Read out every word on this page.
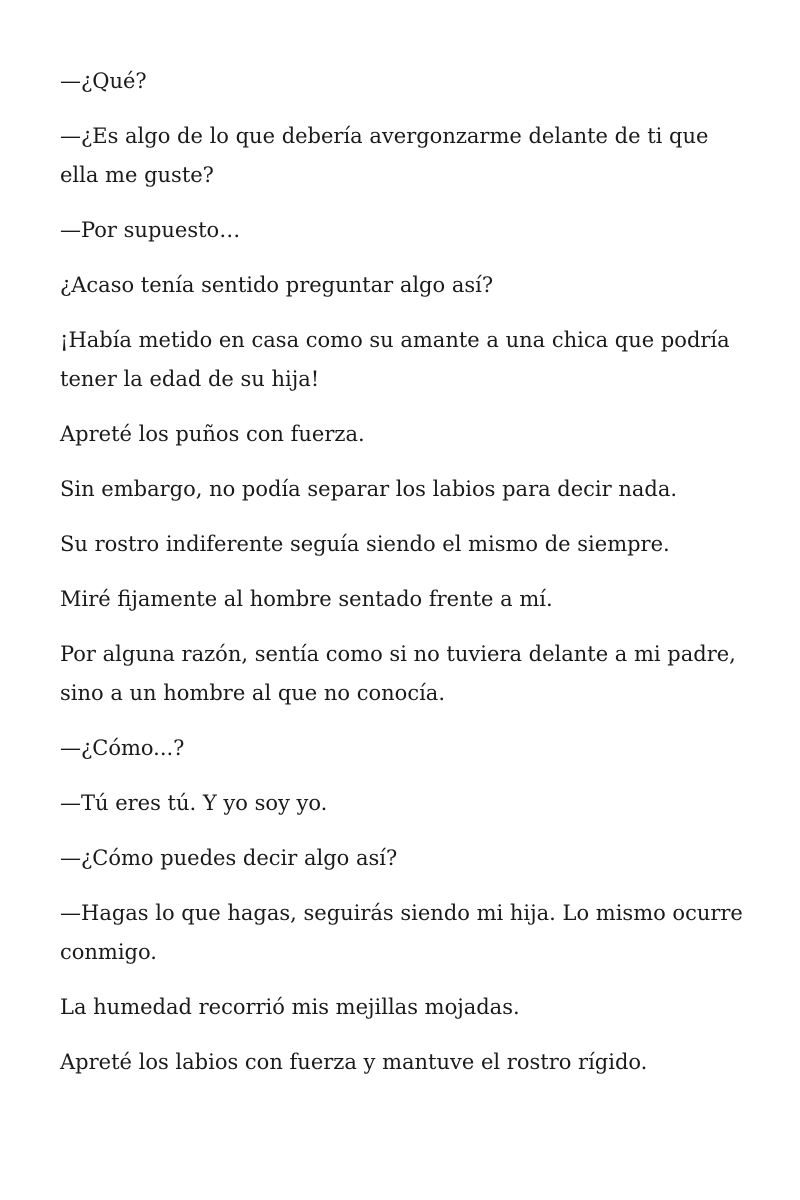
—¿Qué?

—¿Es algo de lo que debería avergonzarme delante de ti que ella me guste?

—Por supuesto…

¿Acaso tenía sentido preguntar algo así?

¡Había metido en casa como su amante a una chica que podría tener la edad de su hija!

Apreté los puños con fuerza.

Sin embargo, no podía separar los labios para decir nada.

Su rostro indiferente seguía siendo el mismo de siempre.

Miré fijamente al hombre sentado frente a mí.

Por alguna razón, sentía como si no tuviera delante a mi padre, sino a un hombre al que no conocía.

—¿Cómo...?

—Tú eres tú. Y yo soy yo.

—¿Cómo puedes decir algo así?

—Hagas lo que hagas, seguirás siendo mi hija. Lo mismo ocurre conmigo.

La humedad recorrió mis mejillas mojadas.

Apreté los labios con fuerza y mantuve el rostro rígido.
